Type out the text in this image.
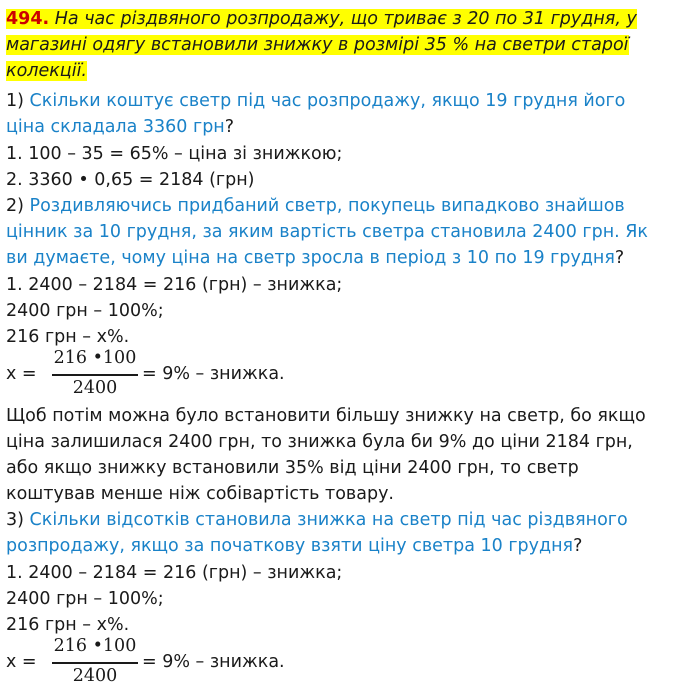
494. На час різдвяного розпродажу, що триває з 20 по 31 грудня, у
магазині одягу встановили знижку в розмірі 35 % на светри старої
колекції.
1) Скільки коштує светр під час розпродажу, якщо 19 грудня його
ціна складала 3360 грн?
1. 100 – 35 = 65% – ціна зі знижкою;
2. 3360 • 0,65 = 2184 (грн)
2) Роздивляючись придбаний светр, покупець випадково знайшов
цінник за 10 грудня, за яким вартість светра становила 2400 грн. Як
ви думаєте, чому ціна на светр зросла в період з 10 по 19 грудня?
1. 2400 – 2184 = 216 (грн) – знижка;
2400 грн – 100%;
216 грн – х%.
х =
216 •100
2400
= 9% – знижка.
Щоб потім можна було встановити більшу знижку на светр, бо якщо
ціна залишилася 2400 грн, то знижка була би 9% до ціни 2184 грн,
або якщо знижку встановили 35% від ціни 2400 грн, то светр
коштував менше ніж собівартість товару.
3) Скільки відсотків становила знижка на светр під час різдвяного
розпродажу, якщо за початкову взяти ціну светра 10 грудня?
1. 2400 – 2184 = 216 (грн) – знижка;
2400 грн – 100%;
216 грн – х%.
х =
216 •100
2400
= 9% – знижка.
